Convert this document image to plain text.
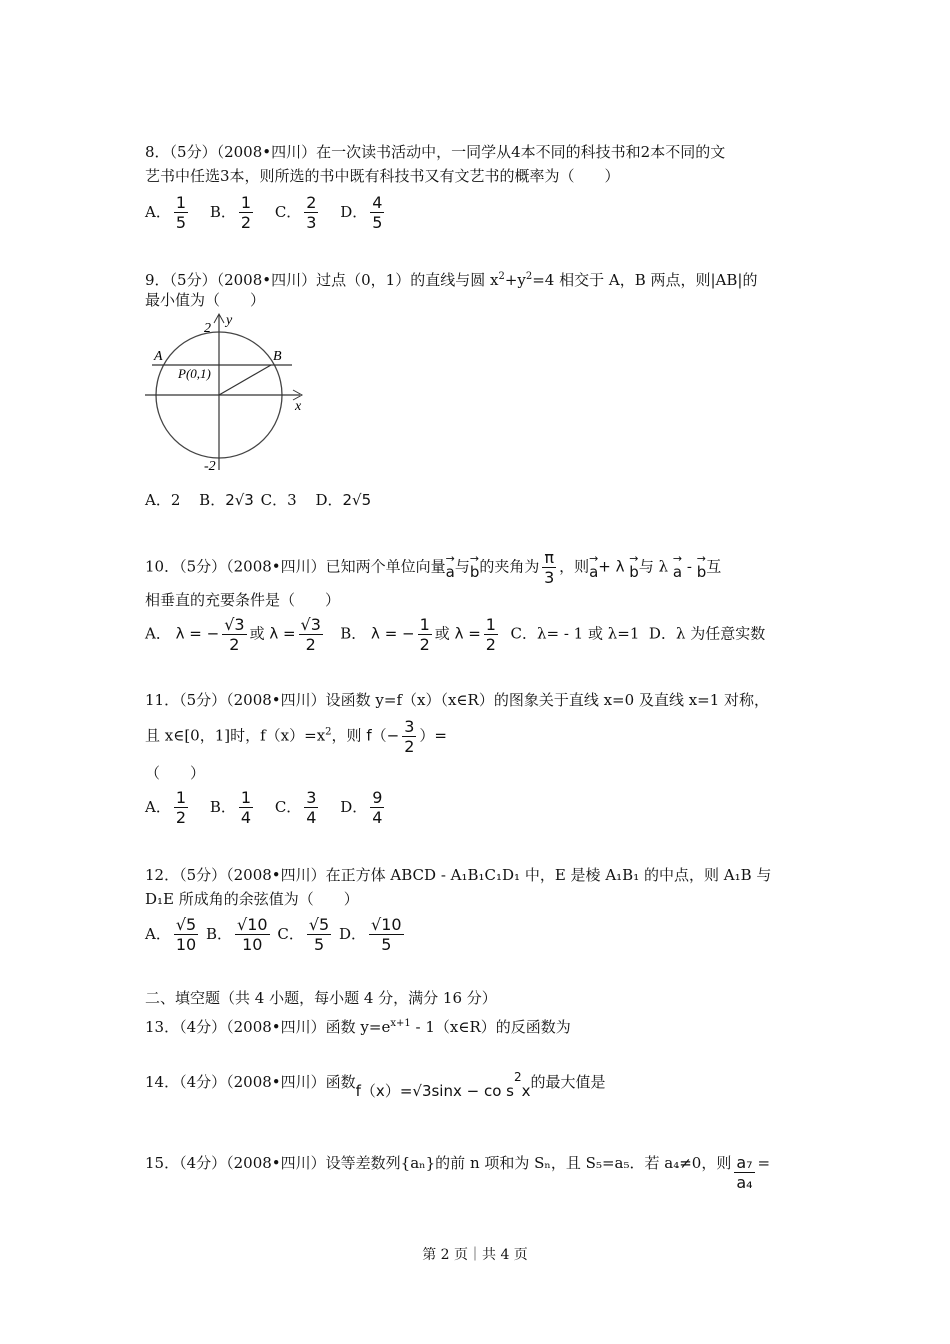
8．（5分）（2008•四川）在一次读书活动中，一同学从4本不同的科技书和2本不同的文
艺书中任选3本，则所选的书中既有科技书又有文艺书的概率为（　　）
A． $\frac{1}{5}$ B． $\frac{1}{2}$ C． $\frac{2}{3}$ D． $\frac{4}{5}$
9．（5分）（2008•四川）过点（0，1）的直线与圆 $x^2+y^2=4$ 相交于 A，B 两点，则|AB|的
最小值为（　　）
2
y
x
A	B
P(0,1)
-2
A．2 B．2√3 C．3 D．2√5
10．（5分）（2008•四川）已知两个单位向量→ a与→ b的夹角为 $\frac{\pi}{3}$ ，则→ a+ λ → b与 λ → a - → b互
相垂直的充要条件是（　　）
A． λ = − $\frac{√3}{2}$ 或 $\lambda = \frac{√3}{2}$ B． λ = − $\frac{1}{2}$ 或 $\lambda = \frac{1}{2}$ C．λ= - 1 或 λ=1 D．λ 为任意实数
11．（5分）（2008•四川）设函数 y=f（x）（x∈R）的图象关于直线 x=0 及直线 x=1 对称，
且 x∈[0，1]时，$f(x)=x^2$，则 $f(- \frac{3}{2}$ ）=
（　　）
A． $\frac{1}{2}$ B． $\frac{1}{4}$ C． $\frac{3}{4}$ D． $\frac{9}{4}$
12．（5分）（2008•四川）在正方体 ABCD - A₁B₁C₁D₁ 中，E 是棱 A₁B₁ 的中点，则 A₁B 与
D₁E 所成角的余弦值为（　　）
A． $\frac{√5}{10}$ B． $\frac{√10}{10}$ C． $\frac{√5}{5}$ D． $\frac{√10}{5}$
二、填空题（共 4 小题，每小题 4 分，满分 16 分）
13．（4分）（2008•四川）函数 $y=e^{x+1}$ - 1（x∈R）的反函数为
14．（4分）（2008•四川）函数f（x）=√3sinx − co $s^2x$的最大值是
15．（4分）（2008•四川）设等差数列{aₙ}的前 n 项和为 Sₙ，且 S₅=a₅．若 a₄≠0，则 $\frac{\text{a₇}}{\text{a₄}}$ =
第 2 页｜共 4 页
